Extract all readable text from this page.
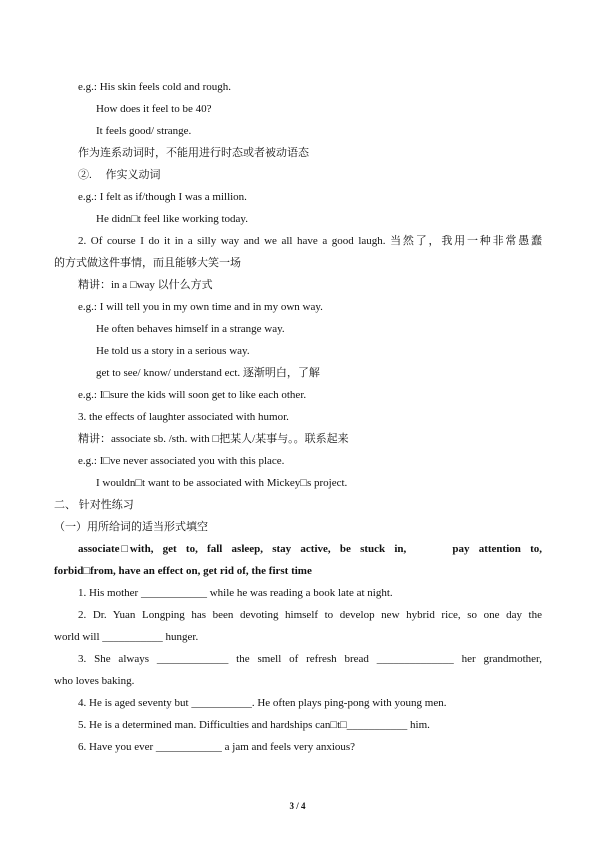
e.g.: His skin feels cold and rough.
How does it feel to be 40?
It feels good/ strange.
作为连系动词时，不能用进行时态或者被动语态
②.　 作实义动词
e.g.: I felt as if/though I was a million.
He didn□t feel like working today.
2. Of course I do it in a silly way and we all have a good laugh. 当然了，我用一种非常愚蠢
的方式做这件事情，而且能够大笑一场
精讲：in a □way 以什么方式
e.g.: I will tell you in my own time and in my own way.
He often behaves himself in a strange way.
He told us a story in a serious way.
get to see/ know/ understand ect. 逐渐明白，了解
e.g.: I□sure the kids will soon get to like each other.
3. the effects of laughter associated with humor.
精讲：associate sb. /sth. with □把某人/某事与。。联系起来
e.g.: I□ve never associated you with this place.
I wouldn□t want to be associated with Mickey□s project.
二、 针对性练习
（一）用所给词的适当形式填空
associate□with,  get  to,  fall  asleep,  stay  active,  be  stuck  in,          pay  attention  to,
forbid□from, have an effect on, get rid of, the first time
1. His mother ____________ while he was reading a book late at night.
2. Dr. Yuan Longping has been devoting himself to develop new hybrid rice, so one day the
world will ___________ hunger.
3. She always _____________ the smell of refresh bread ______________ her grandmother,
who loves baking.
4. He is aged seventy but ___________. He often plays ping-pong with young men.
5. He is a determined man. Difficulties and hardships can□t□___________ him.
6. Have you ever ____________ a jam and feels very anxious?
3 / 4
